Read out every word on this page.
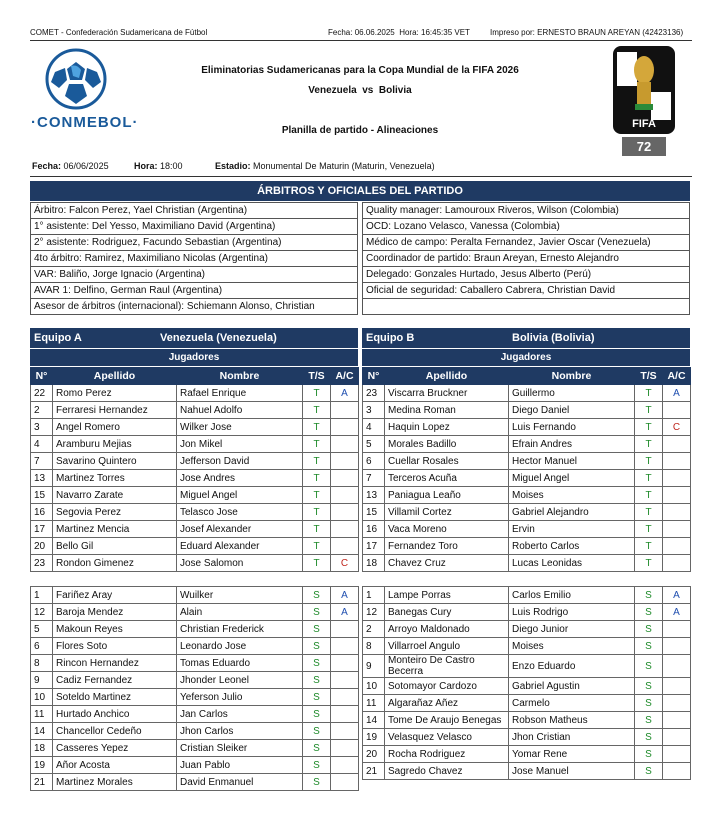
COMET - Confederación Sudamericana de Fútbol	Fecha: 06.06.2025 Hora: 16:45:35 VET	Impreso por: ERNESTO BRAUN AREYAN (42423136)
·CONMEBOL·
Eliminatorias Sudamericanas para la Copa Mundial de la FIFA 2026
Venezuela vs Bolivia
Planilla de partido - Alineaciones
FIFA
72
Fecha: 06/06/2025	Hora: 18:00	Estadio: Monumental De Maturin (Maturin, Venezuela)
ÁRBITROS Y OFICIALES DEL PARTIDO
Árbitro: Falcon Perez, Yael Christian (Argentina)
1° asistente: Del Yesso, Maximiliano David (Argentina)
2° asistente: Rodriguez, Facundo Sebastian (Argentina)
4to árbitro: Ramirez, Maximiliano Nicolas (Argentina)
VAR: Baliño, Jorge Ignacio (Argentina)
AVAR 1: Delfino, German Raul (Argentina)
Asesor de árbitros (internacional): Schiemann Alonso, Christian
Quality manager: Lamouroux Riveros, Wilson (Colombia)
OCD: Lozano Velasco, Vanessa (Colombia)
Médico de campo: Peralta Fernandez, Javier Oscar (Venezuela)
Coordinador de partido: Braun Areyan, Ernesto Alejandro
Delegado: Gonzales Hurtado, Jesus Alberto (Perú)
Oficial de seguridad: Caballero Cabrera, Christian David

Equipo A	Venezuela (Venezuela)
Jugadores
N°	Apellido	Nombre	T/S	A/C
22	Romo Perez	Rafael Enrique	T	A
2	Ferraresi Hernandez	Nahuel Adolfo	T	
3	Angel Romero	Wilker Jose	T	
4	Aramburu Mejias	Jon Mikel	T	
7	Savarino Quintero	Jefferson David	T	
13	Martinez Torres	Jose Andres	T	
15	Navarro Zarate	Miguel Angel	T	
16	Segovia Perez	Telasco Jose	T	
17	Martinez Mencia	Josef Alexander	T	
20	Bello Gil	Eduard Alexander	T	
23	Rondon Gimenez	Jose Salomon	T	C

1	Fariñez Aray	Wuilker	S	A
12	Baroja Mendez	Alain	S	A
5	Makoun Reyes	Christian Frederick	S	
6	Flores Soto	Leonardo Jose	S	
8	Rincon Hernandez	Tomas Eduardo	S	
9	Cadiz Fernandez	Jhonder Leonel	S	
10	Soteldo Martinez	Yeferson Julio	S	
11	Hurtado Anchico	Jan Carlos	S	
14	Chancellor Cedeño	Jhon Carlos	S	
18	Casseres Yepez	Cristian Sleiker	S	
19	Añor Acosta	Juan Pablo	S	
21	Martinez Morales	David Enmanuel	S	
Equipo B	Bolivia (Bolivia)
Jugadores
N°	Apellido	Nombre	T/S	A/C
23	Viscarra Bruckner	Guillermo	T	A
3	Medina Roman	Diego Daniel	T	
4	Haquin Lopez	Luis Fernando	T	C
5	Morales Badillo	Efrain Andres	T	
6	Cuellar Rosales	Hector Manuel	T	
7	Terceros Acuña	Miguel Angel	T	
13	Paniagua Leaño	Moises	T	
15	Villamil Cortez	Gabriel Alejandro	T	
16	Vaca Moreno	Ervin	T	
17	Fernandez Toro	Roberto Carlos	T	
18	Chavez Cruz	Lucas Leonidas	T	

1	Lampe Porras	Carlos Emilio	S	A
12	Banegas Cury	Luis Rodrigo	S	A
2	Arroyo Maldonado	Diego Junior	S	
8	Villarroel Angulo	Moises	S	
9	Monteiro De Castro Becerra	Enzo Eduardo	S	
10	Sotomayor Cardozo	Gabriel Agustin	S	
11	Algarañaz Añez	Carmelo	S	
14	Tome De Araujo Benegas	Robson Matheus	S	
19	Velasquez Velasco	Jhon Cristian	S	
20	Rocha Rodriguez	Yomar Rene	S	
21	Sagredo Chavez	Jose Manuel	S	
